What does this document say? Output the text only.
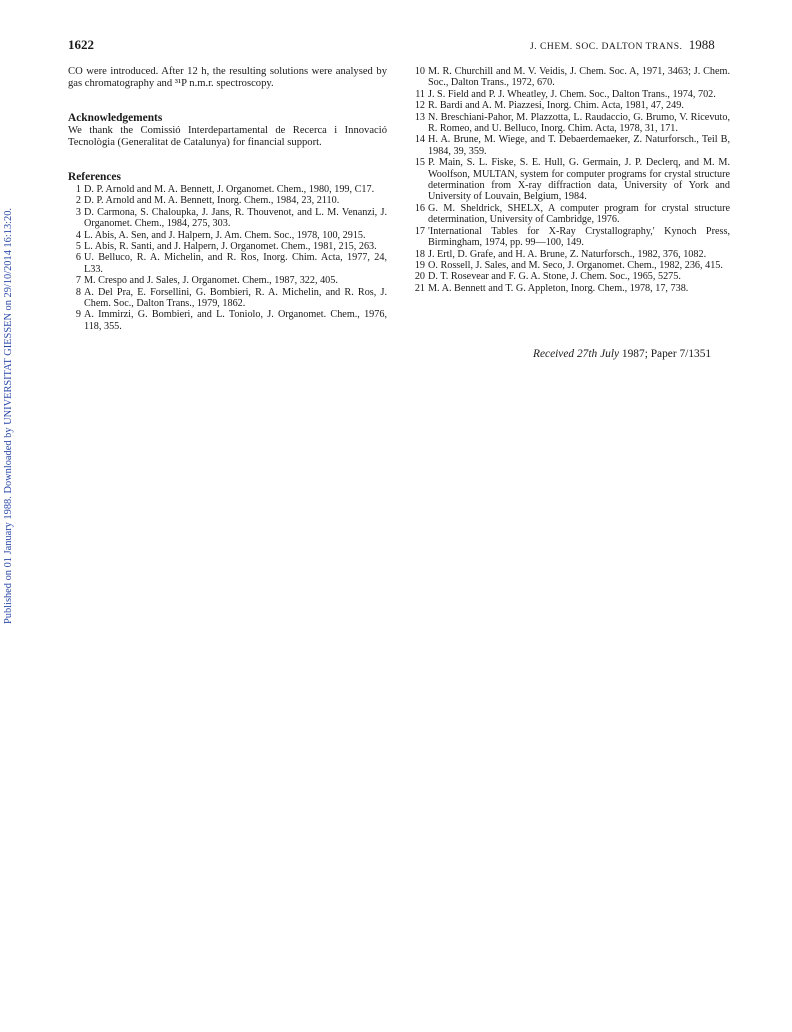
Published on 01 January 1988. Downloaded by UNIVERSITAT GIESSEN on 29/10/2014 16:13:20.
1622	J. CHEM. SOC. DALTON TRANS. 1988
CO were introduced. After 12 h, the resulting solutions were analysed by gas chromatography and ³¹P n.m.r. spectroscopy.
Acknowledgements
We thank the Comissió Interdepartamental de Recerca i Innovació Tecnològia (Generalitat de Catalunya) for financial support.
References
1 D. P. Arnold and M. A. Bennett, J. Organomet. Chem., 1980, 199, C17.
2 D. P. Arnold and M. A. Bennett, Inorg. Chem., 1984, 23, 2110.
3 D. Carmona, S. Chaloupka, J. Jans, R. Thouvenot, and L. M. Venanzi, J. Organomet. Chem., 1984, 275, 303.
4 L. Abis, A. Sen, and J. Halpern, J. Am. Chem. Soc., 1978, 100, 2915.
5 L. Abis, R. Santi, and J. Halpern, J. Organomet. Chem., 1981, 215, 263.
6 U. Belluco, R. A. Michelin, and R. Ros, Inorg. Chim. Acta, 1977, 24, L33.
7 M. Crespo and J. Sales, J. Organomet. Chem., 1987, 322, 405.
8 A. Del Pra, E. Forsellini, G. Bombieri, R. A. Michelin, and R. Ros, J. Chem. Soc., Dalton Trans., 1979, 1862.
9 A. Immirzi, G. Bombieri, and L. Toniolo, J. Organomet. Chem., 1976, 118, 355.
10 M. R. Churchill and M. V. Veidis, J. Chem. Soc. A, 1971, 3463; J. Chem. Soc., Dalton Trans., 1972, 670.
11 J. S. Field and P. J. Wheatley, J. Chem. Soc., Dalton Trans., 1974, 702.
12 R. Bardi and A. M. Piazzesi, Inorg. Chim. Acta, 1981, 47, 249.
13 N. Breschiani-Pahor, M. Plazzotta, L. Raudaccio, G. Brumo, V. Ricevuto, R. Romeo, and U. Belluco, Inorg. Chim. Acta, 1978, 31, 171.
14 H. A. Brune, M. Wiege, and T. Debaerdemaeker, Z. Naturforsch., Teil B, 1984, 39, 359.
15 P. Main, S. L. Fiske, S. E. Hull, G. Germain, J. P. Declerq, and M. M. Woolfson, MULTAN, system for computer programs for crystal structure determination from X-ray diffraction data, University of York and University of Louvain, Belgium, 1984.
16 G. M. Sheldrick, SHELX, A computer program for crystal structure determination, University of Cambridge, 1976.
17 'International Tables for X-Ray Crystallography,' Kynoch Press, Birmingham, 1974, pp. 99—100, 149.
18 J. Ertl, D. Grafe, and H. A. Brune, Z. Naturforsch., 1982, 376, 1082.
19 O. Rossell, J. Sales, and M. Seco, J. Organomet. Chem., 1982, 236, 415.
20 D. T. Rosevear and F. G. A. Stone, J. Chem. Soc., 1965, 5275.
21 M. A. Bennett and T. G. Appleton, Inorg. Chem., 1978, 17, 738.
Received 27th July 1987; Paper 7/1351
